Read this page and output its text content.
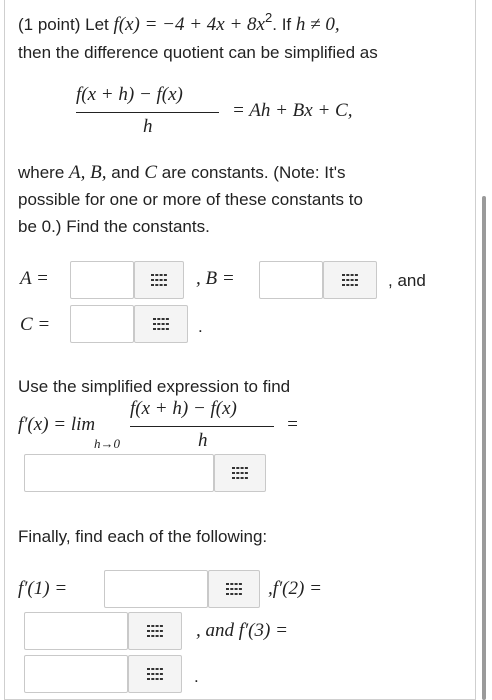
(1 point) Let $f(x) = -4 + 4x + 8x^2$. If h ≠ 0,
then the difference quotient can be simplified as
f(x + h) − f(x)
h
= Ah + Bx + C,
where A, B, and C are constants. (Note: It's
possible for one or more of these constants to
be 0.) Find the constants.
A =	, B =	, and
C =	.
Use the simplified expression to find
f′(x) = lim
h→0
f(x + h) − f(x)
h
=
Finally, find each of the following:
f′(1) =	,f′(2) =
, and f′(3) =
.
